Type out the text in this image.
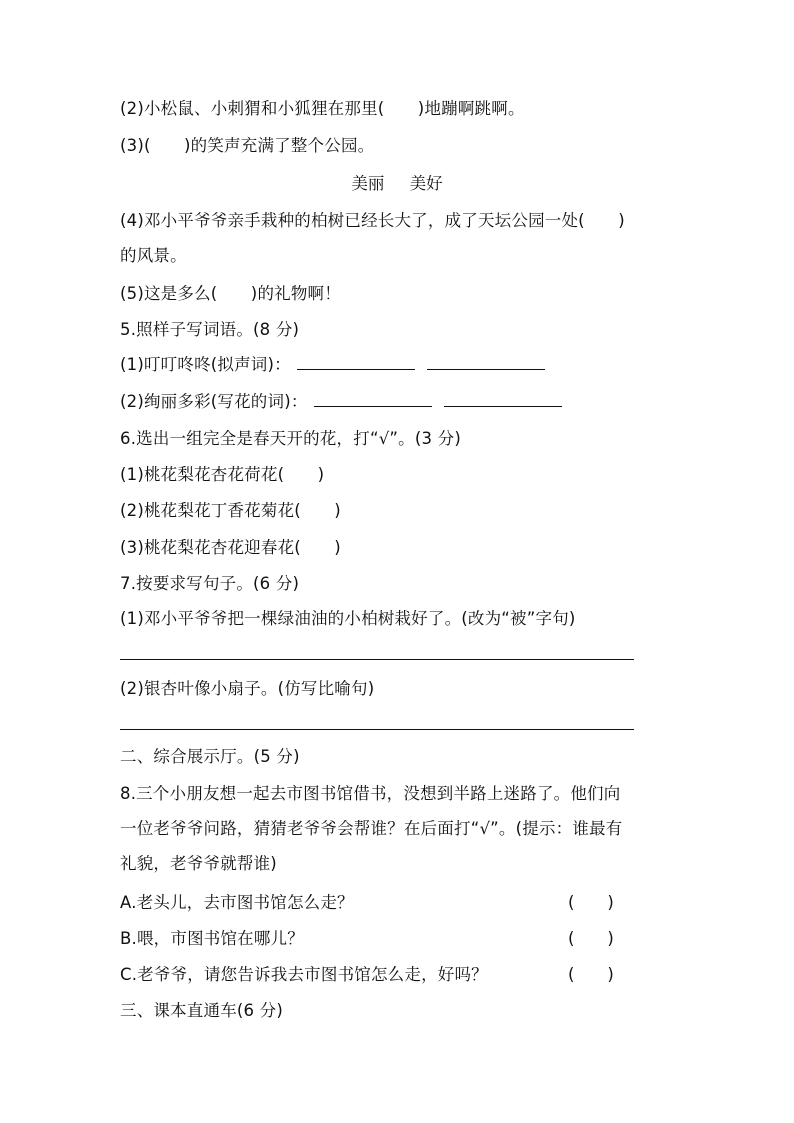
(2)小松鼠、小刺猬和小狐狸在那里(　　)地蹦啊跳啊。
(3)(　　)的笑声充满了整个公园。
美丽 美好
(4)邓小平爷爷亲手栽种的柏树已经长大了，成了天坛公园一处(　　)
的风景。
(5)这是多么(　　)的礼物啊！
5.照样子写词语。(8 分)
(1)叮叮咚咚(拟声词)：
(2)绚丽多彩(写花的词)：
6.选出一组完全是春天开的花，打“√”。(3 分)
(1)桃花梨花杏花荷花(　　)
(2)桃花梨花丁香花菊花(　　)
(3)桃花梨花杏花迎春花(　　)
7.按要求写句子。(6 分)
(1)邓小平爷爷把一棵绿油油的小柏树栽好了。(改为“被”字句)
(2)银杏叶像小扇子。(仿写比喻句)
二、综合展示厅。(5 分)
8.三个小朋友想一起去市图书馆借书，没想到半路上迷路了。他们向
一位老爷爷问路，猜猜老爷爷会帮谁？在后面打“√”。(提示：谁最有
礼貌，老爷爷就帮谁)
A.老头儿，去市图书馆怎么走？	(　　)
B.喂，市图书馆在哪儿？	(　　)
C.老爷爷，请您告诉我去市图书馆怎么走，好吗？	(　　)
三、课本直通车(6 分)
